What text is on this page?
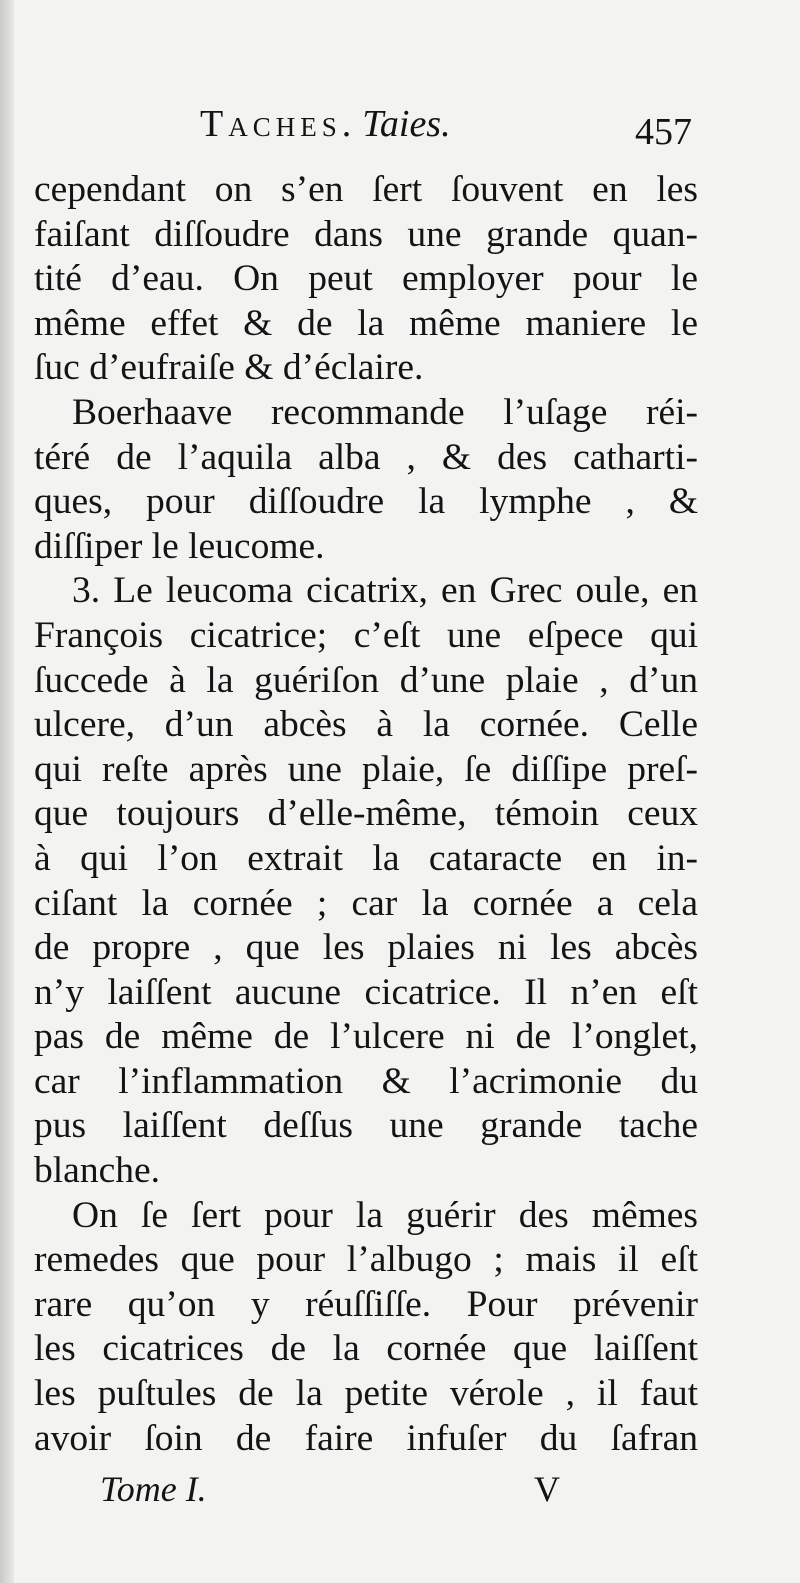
Taches. Taies.	457
cependant on s’en ſert ſouvent en les
faiſant diſſoudre dans une grande quan-
tité d’eau. On peut employer pour le
même effet & de la même maniere le
ſuc d’eufraiſe & d’éclaire.
Boerhaave recommande l’uſage réi-
téré de l’aquila alba , & des catharti-
ques, pour diſſoudre la lymphe , &
diſſiper le leucome.
3. Le leucoma cicatrix, en Grec oule, en
François cicatrice; c’eſt une eſpece qui
ſuccede à la guériſon d’une plaie , d’un
ulcere, d’un abcès à la cornée. Celle
qui reſte après une plaie, ſe diſſipe preſ-
que toujours d’elle-même, témoin ceux
à qui l’on extrait la cataracte en in-
ciſant la cornée ; car la cornée a cela
de propre , que les plaies ni les abcès
n’y laiſſent aucune cicatrice. Il n’en eſt
pas de même de l’ulcere ni de l’onglet,
car l’inflammation & l’acrimonie du
pus laiſſent deſſus une grande tache
blanche.
On ſe ſert pour la guérir des mêmes
remedes que pour l’albugo ; mais il eſt
rare qu’on y réuſſiſſe. Pour prévenir
les cicatrices de la cornée que laiſſent
les puſtules de la petite vérole , il faut
avoir ſoin de faire infuſer du ſafran
Tome I.	V
